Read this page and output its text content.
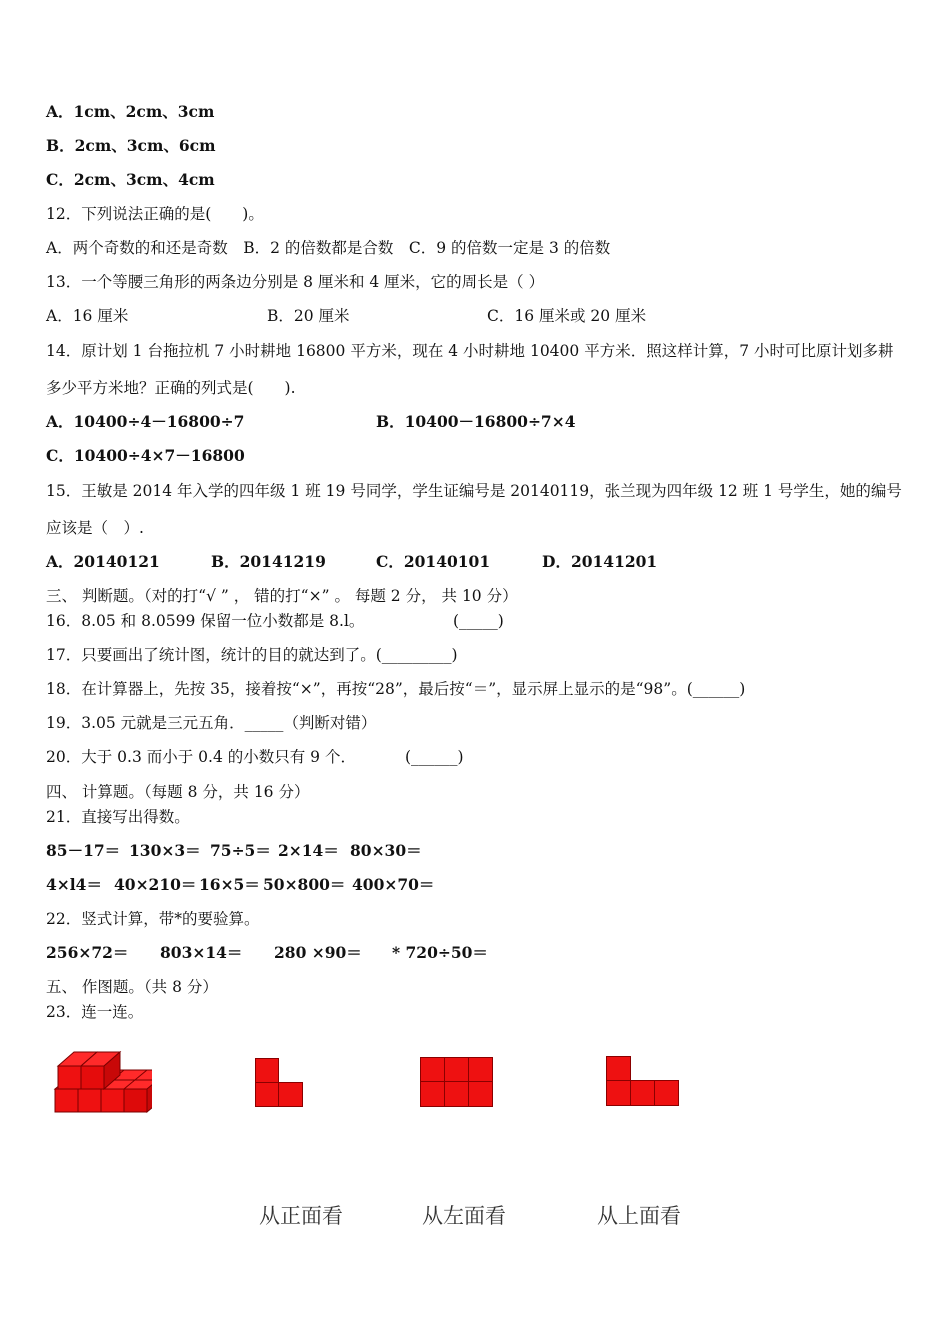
A．1cm、2cm、3cm
B．2cm、3cm、6cm
C．2cm、3cm、4cm
12．下列说法正确的是(　　)。
A．两个奇数的和还是奇数　B．2 的倍数都是合数　C．9 的倍数一定是 3 的倍数
13．一个等腰三角形的两条边分别是 8 厘米和 4 厘米，它的周长是（ ）
A．16 厘米	B．20 厘米	C．16 厘米或 20 厘米
14．原计划 1 台拖拉机 7 小时耕地 16800 平方米，现在 4 小时耕地 10400 平方米．照这样计算，7 小时可比原计划多耕
多少平方米地？正确的列式是(　　).
A．10400÷4－16800÷7	B．10400－16800÷7×4
C．10400÷4×7－16800
15．王敏是 2014 年入学的四年级 1 班 19 号同学，学生证编号是 20140119，张兰现为四年级 12 班 1 号学生，她的编号
应该是（　）.
A．20140121	B．20141219	C．20140101	D．20141201
三、 判断题。（对的打“√ ” ， 错的打“×” 。 每题 2 分， 共 10 分）
16．8.05 和 8.0599 保留一位小数都是 8.l。	(_____)
17．只要画出了统计图，统计的目的就达到了。(_________)
18．在计算器上，先按 35，接着按“×”，再按“28”，最后按“＝”，显示屏上显示的是“98”。(______)
19．3.05 元就是三元五角．_____（判断对错）
20．大于 0.3 而小于 0.4 的小数只有 9 个．	(______)
四、 计算题。（每题 8 分，共 16 分）
21．直接写出得数。
85－17＝ 130×3＝ 75÷5＝ 2×14＝ 80×30＝
4×l4＝ 40×210＝ 16×5＝ 50×800＝ 400×70＝
22．竖式计算，带*的要验算。
256×72＝ 803×14＝ 280 ×90＝ * 720÷50＝
五、 作图题。（共 8 分）
23．连一连。
从正面看	从左面看	从上面看
